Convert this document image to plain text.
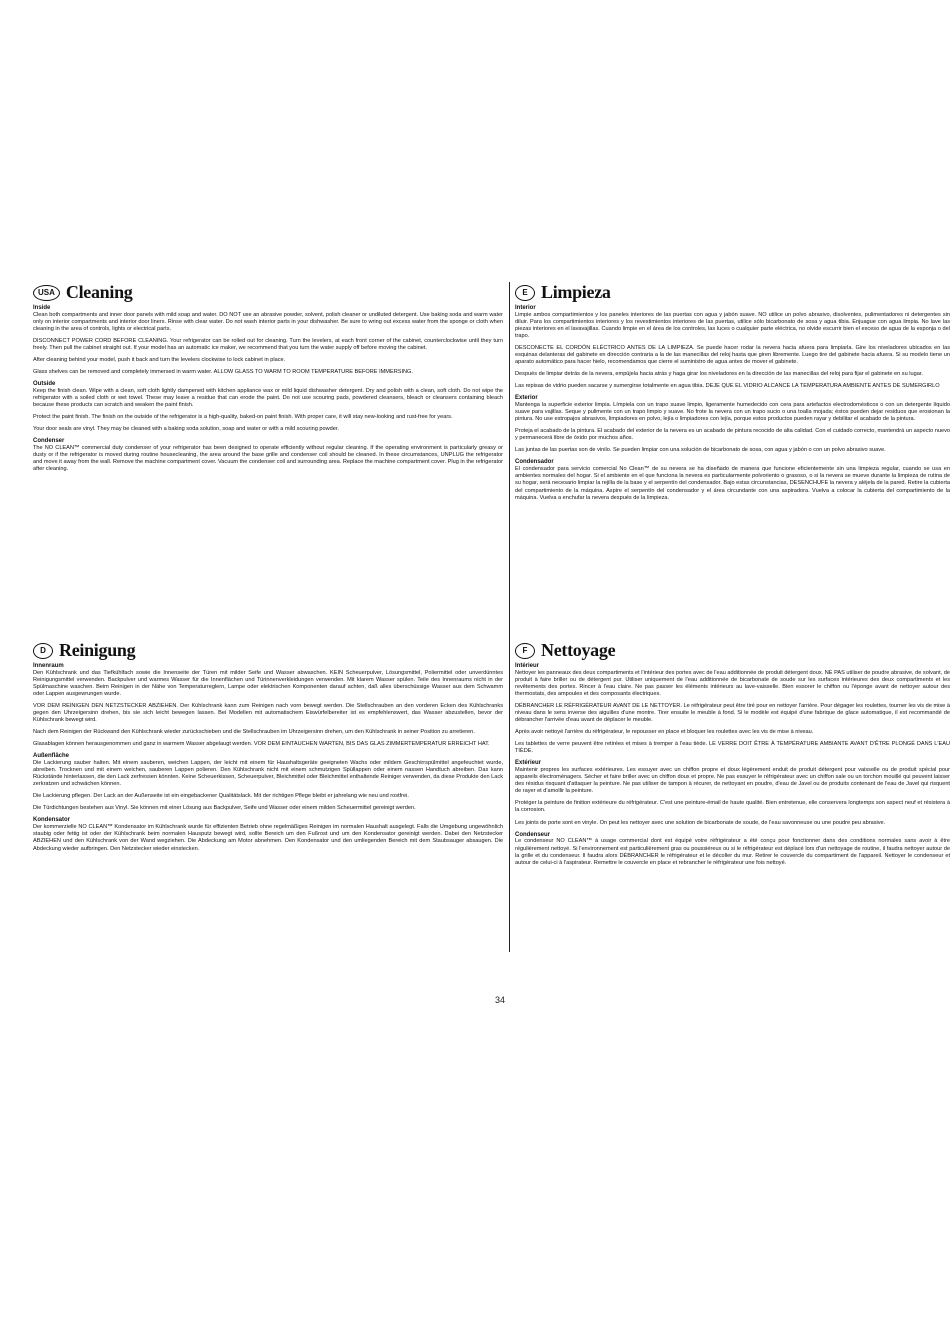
USA Cleaning
Inside

Clean both compartments and inner door panels with mild soap and water. DO NOT use an abrasive powder, solvent, polish cleaner or undiluted detergent. Use baking soda and warm water only on interior compartments and interior door liners. Rinse with clear water. Do not wash interior parts in your dishwasher. Be sure to wring out excess water from the sponge or cloth when cleaning in the area of controls, lights or electrical parts.

DISCONNECT POWER CORD BEFORE CLEANING. Your refrigerator can be rolled out for cleaning. Turn the levelers, at each front corner of the cabinet, counterclockwise until they turn freely. Then pull the cabinet straight out. If your model has an automatic ice maker, we recommend that you turn the water supply off before moving the cabinet.

After cleaning behind your model, push it back and turn the levelers clockwise to lock cabinet in place.

Glass shelves can be removed and completely immersed in warm water. ALLOW GLASS TO WARM TO ROOM TEMPERATURE BEFORE IMMERSING.

Outside

Keep the finish clean. Wipe with a clean, soft cloth lightly dampened with kitchen appliance wax or mild liquid dishwasher detergent. Dry and polish with a clean, soft cloth. Do not wipe the refrigerator with a soiled cloth or wet towel. These may leave a residue that can erode the paint. Do not use scouring pads, powdered cleansers, bleach or cleansers containing bleach because these products can scratch and weaken the paint finish.

Protect the paint finish. The finish on the outside of the refrigerator is a high-quality, baked-on paint finish. With proper care, it will stay new-looking and rust-free for years.

Your door seals are vinyl. They may be cleaned with a baking soda solution, soap and water or with a mild scouring powder.

Condenser

The NO CLEAN™ commercial duty condenser of your refrigerator has been designed to operate efficiently without regular cleaning. If the operating environment is particularly greasy or dusty or if the refrigerator is moved during routine housecleaning, the area around the base grille and condenser coil should be cleaned. In these circumstances, UNPLUG the refrigerator and move it away from the wall. Remove the machine compartment cover. Vacuum the condenser coil and surrounding area. Replace the machine compartment cover. Plug in the refrigerator after cleaning.

E Limpieza
Interior

Limpie ambos compartimientos y los paneles interiores de las puertas con agua y jabón suave. NO utilice un polvo abrasivo, disolventes, pulimentadores ni detergentes sin diluir. Para los compartimientos interiores y los revestimientos interiores de las puertas, utilice sólo bicarbonato de sosa y agua tibia. Enjuague con agua limpia. No lave las piezas interiores en el lavavajillas. Cuando limpie en el área de los controles, las luces o cualquier parte eléctrica, no olvide escurrir bien el exceso de agua de la esponja o del trapo.

DESCONECTE EL CORDÓN ELÉCTRICO ANTES DE LA LIMPIEZA. Se puede hacer rodar la nevera hacia afuera para limpiarla. Gire los niveladores ubicados en las esquinas delanteras del gabinete en dirección contraria a la de las manecillas del reloj hasta que giren libremente. Luego tire del gabinete hacia afuera. Si su modelo tiene un aparato automático para hacer hielo, recomendamos que cierre el suministro de agua antes de mover el gabinete.

Después de limpiar detrás de la nevera, empújela hacia atrás y haga girar los niveladores en la dirección de las manecillas del reloj para fijar el gabinete en su lugar.

Las repisas de vidrio pueden sacarse y sumergirse totalmente en agua tibia. DEJE QUE EL VIDRIO ALCANCE LA TEMPERATURA AMBIENTE ANTES DE SUMERGIRLO

Exterior

Mantenga la superficie exterior limpia. Límpiela con un trapo suave limpio, ligeramente humedecido con cera para artefactos electrodomésticos o con un detergente líquido suave para vajillas. Seque y pulimente con un trapo limpio y suave. No frote la nevera con un trapo sucio o una toalla mojada; éstos pueden dejar residuos que erosionan la pintura. No use estropajos abrasivos, limpiadores en polvo, lejía o limpiadores con lejía, porque estos productos pueden rayar y debilitar el acabado de la pintura.

Proteja el acabado de la pintura. El acabado del exterior de la nevera es un acabado de pintura recocido de alta calidad. Con el cuidado correcto, mantendrá un aspecto nuevo y permanecerá libre de óxido por muchos años.

Las juntas de las puertas son de vinilo. Se pueden limpiar con una solución de bicarbonato de sosa, con agua y jabón o con un polvo abrasivo suave.

Condensador

El condensador para servicio comercial No Clean™ de su nevera se ha diseñado de manera que funcione eficientemente sin una limpieza regular, cuando se usa en ambientes normales del hogar. Si el ambiente en el que funciona la nevera es particularmente polvoriento o grasoso, o si la nevera se mueve durante la limpieza de rutina de su hogar, será necesario limpiar la rejilla de la base y el serpentín del condensador. Bajo estas circunstancias, DESENCHUFE la nevera y aléjela de la pared. Retire la cubierta del compartimiento de la máquina. Aspire el serpentín del condensador y el área circundante con una aspiradora. Vuelva a colocar la cubierta del compartimiento de la máquina. Vuelva a enchufar la nevera después de la limpieza.

D Reinigung
Innenraum

Den Kühlschrank und das Tiefkühlfach sowie die Innenseite der Türen mit milder Seife und Wasser abwaschen. KEIN Scheuerpulver, Lösungsmittel, Poliermittel oder unverdünntes Reinigungsmittel verwenden. Backpulver und warmes Wasser für die Innenflächen und Türinnenverkleidungen verwenden. Mit klarem Wasser spülen. Teile des Innenraums nicht in der Spülmaschine waschen. Beim Reinigen in der Nähe von Temperaturreglern, Lampe oder elektrischen Komponenten darauf achten, daß alles überschüssige Wasser aus dem Schwamm oder Lappen ausgewrungen wurde.

VOR DEM REINIGEN DEN NETZSTECKER ABZIEHEN. Der Kühlschrank kann zum Reinigen nach vorn bewegt werden. Die Stellschrauben an den vorderen Ecken des Kühlschranks gegen den Uhrzeigersinn drehen, bis sie sich leicht bewegen lassen. Bei Modellen mit automatischem Eiswürfelbereiter ist es empfehlenswert, das Wasser abzustellen, bevor der Kühlschrank bewegt wird.

Nach dem Reinigen der Rückwand den Kühlschrank wieder zurückschieben und die Stellschrauben im Uhrzeigersinn drehen, um den Kühlschrank in seiner Position zu arretieren.

Glasablagen können herausgenommen und ganz in warmem Wasser abgelaugt werden. VOR DEM EINTAUCHEN WARTEN, BIS DAS GLAS ZIMMERTEMPERATUR ERREICHT HAT.

Außenfläche

Die Lackierung sauber halten. Mit einem sauberen, weichen Lappen, der leicht mit einem für Haushaltsgeräte geeigneten Wachs oder mildem Geschirrspülmittel angefeuchtet wurde, abreiben. Trocknen und mit einem weichen, sauberen Lappen polieren. Den Kühlschrank nicht mit einem schmutzigen Spüllappen oder einem nassen Handtuch abreiben. Das kann Rückstände hinterlassen, die den Lack zerfressen könnten. Keine Scheuerkissen, Scheuerpulver, Bleichmittel oder Bleichmittel enthaltende Reiniger verwenden, da diese Produkte den Lack zerkratzen und schwächen können.

Die Lackierung pflegen. Der Lack an der Außenseite ist ein eingebackener Qualitätslack. Mit der richtigen Pflege bleibt er jahrelang wie neu und rostfrei.

Die Türdichtungen bestehen aus Vinyl. Sie können mit einer Lösung aus Backpulver, Seife und Wasser oder einem milden Scheuermittel gereinigt werden.

Kondensator

Der kommerzielle NO CLEAN™ Kondensator im Kühlschrank wurde für effizienten Betrieb ohne regelmäßiges Reinigen im normalen Haushalt ausgelegt. Falls die Umgebung ungewöhnlich staubig oder fettig ist oder der Kühlschrank beim normalen Hausputz bewegt wird, sollte Bereich um den Fußrost und um den Kondensator gereinigt werden. Dabei den Netzstecker ABZIEHEN und den Kühlschrank von der Wand wegziehen. Die Abdeckung am Motor abnehmen. Den Kondensator und den umliegenden Bereich mit dem Staubsauger absaugen. Die Abdeckung wieder aufbringen. Den Netzstecker wieder einstecken.

F Nettoyage
Intérieur

Nettoyer les panneaux des deux compartiments et l'intérieur des portes avec de l'eau additionnée de produit détergent doux. NE PAS utiliser de poudre abrasive, de solvant, de produit à faire briller ou de détergent pur. Utiliser uniquement de l'eau additionnée de bicarbonate de soude sur les surfaces intérieures des deux compartiments et les revêtements des portes. Rincer à l'eau claire. Ne pas passer les éléments intérieurs au lave-vaisselle. Bien essorer le chiffon ou l'éponge avant de nettoyer autour des thermostats, des ampoules et des composants électriques.

DÉBRANCHER LE RÉFRIGÉRATEUR AVANT DE LE NETTOYER. Le réfrigérateur peut être tiré pour en nettoyer l'arrière. Pour dégager les roulettes, tourner les vis de mise à niveau dans le sens inverse des aiguilles d'une montre. Tirer ensuite le meuble à fond. Si le modèle est équipé d'une fabrique de glace automatique, il est recommandé de débrancher l'arrivée d'eau avant de déplacer le meuble.

Après avoir nettoyé l'arrière du réfrigérateur, le repousser en place et bloquer les roulettes avec les vis de mise à niveau.

Les tablettes de verre peuvent être retirées et mises à tremper à l'eau tiède. LE VERRE DOIT ÊTRE À TEMPÉRATURE AMBIANTE AVANT D'ÊTRE PLONGÉ DANS L'EAU TIÈDE.

Extérieur

Maintenir propres les surfaces extérieures. Les essuyer avec un chiffon propre et doux légèrement enduit de produit détergent pour vaisselle ou de produit spécial pour appareils électroménagers. Sécher et faire briller avec un chiffon doux et propre. Ne pas essuyer le réfrigérateur avec un chiffon sale ou un torchon mouillé qui peuvent laisser des résidus risquant d'attaquer la peinture. Ne pas utiliser de tampon à récurer, de nettoyant en poudre, d'eau de Javel ou de produits contenant de l'eau de Javel qui risquent de rayer et d'amollir la peinture.

Protéger la peinture de finition extérieure du réfrigérateur. C'est une peinture-émail de haute qualité. Bien entretenue, elle conservera longtemps son aspect neuf et résistera à la corrosion.

Les joints de porte sont en vinyle. On peut les nettoyer avec une solution de bicarbonate de soude, de l'eau savonneuse ou une poudre peu abrasive.

Condenseur

Le condenseur NO CLEAN™ à usage commercial dont est équipé votre réfrigérateur a été conçu pour fonctionner dans des conditions normales sans avoir à être régulièrement nettoyé. Si l'environnement est particulièrement gras ou poussiéreux ou si le réfrigérateur est déplacé lors d'un nettoyage de routine, il faudra nettoyer autour de la grille et du condenseur. Il faudra alors DÉBRANCHER le réfrigérateur et le décoller du mur. Retirer le couvercle du compartiment de l'appareil. Nettoyer le condenseur et autour de celui-ci à l'aspirateur. Remettre le couvercle en place et rebrancher le réfrigérateur une fois nettoyé.

34
